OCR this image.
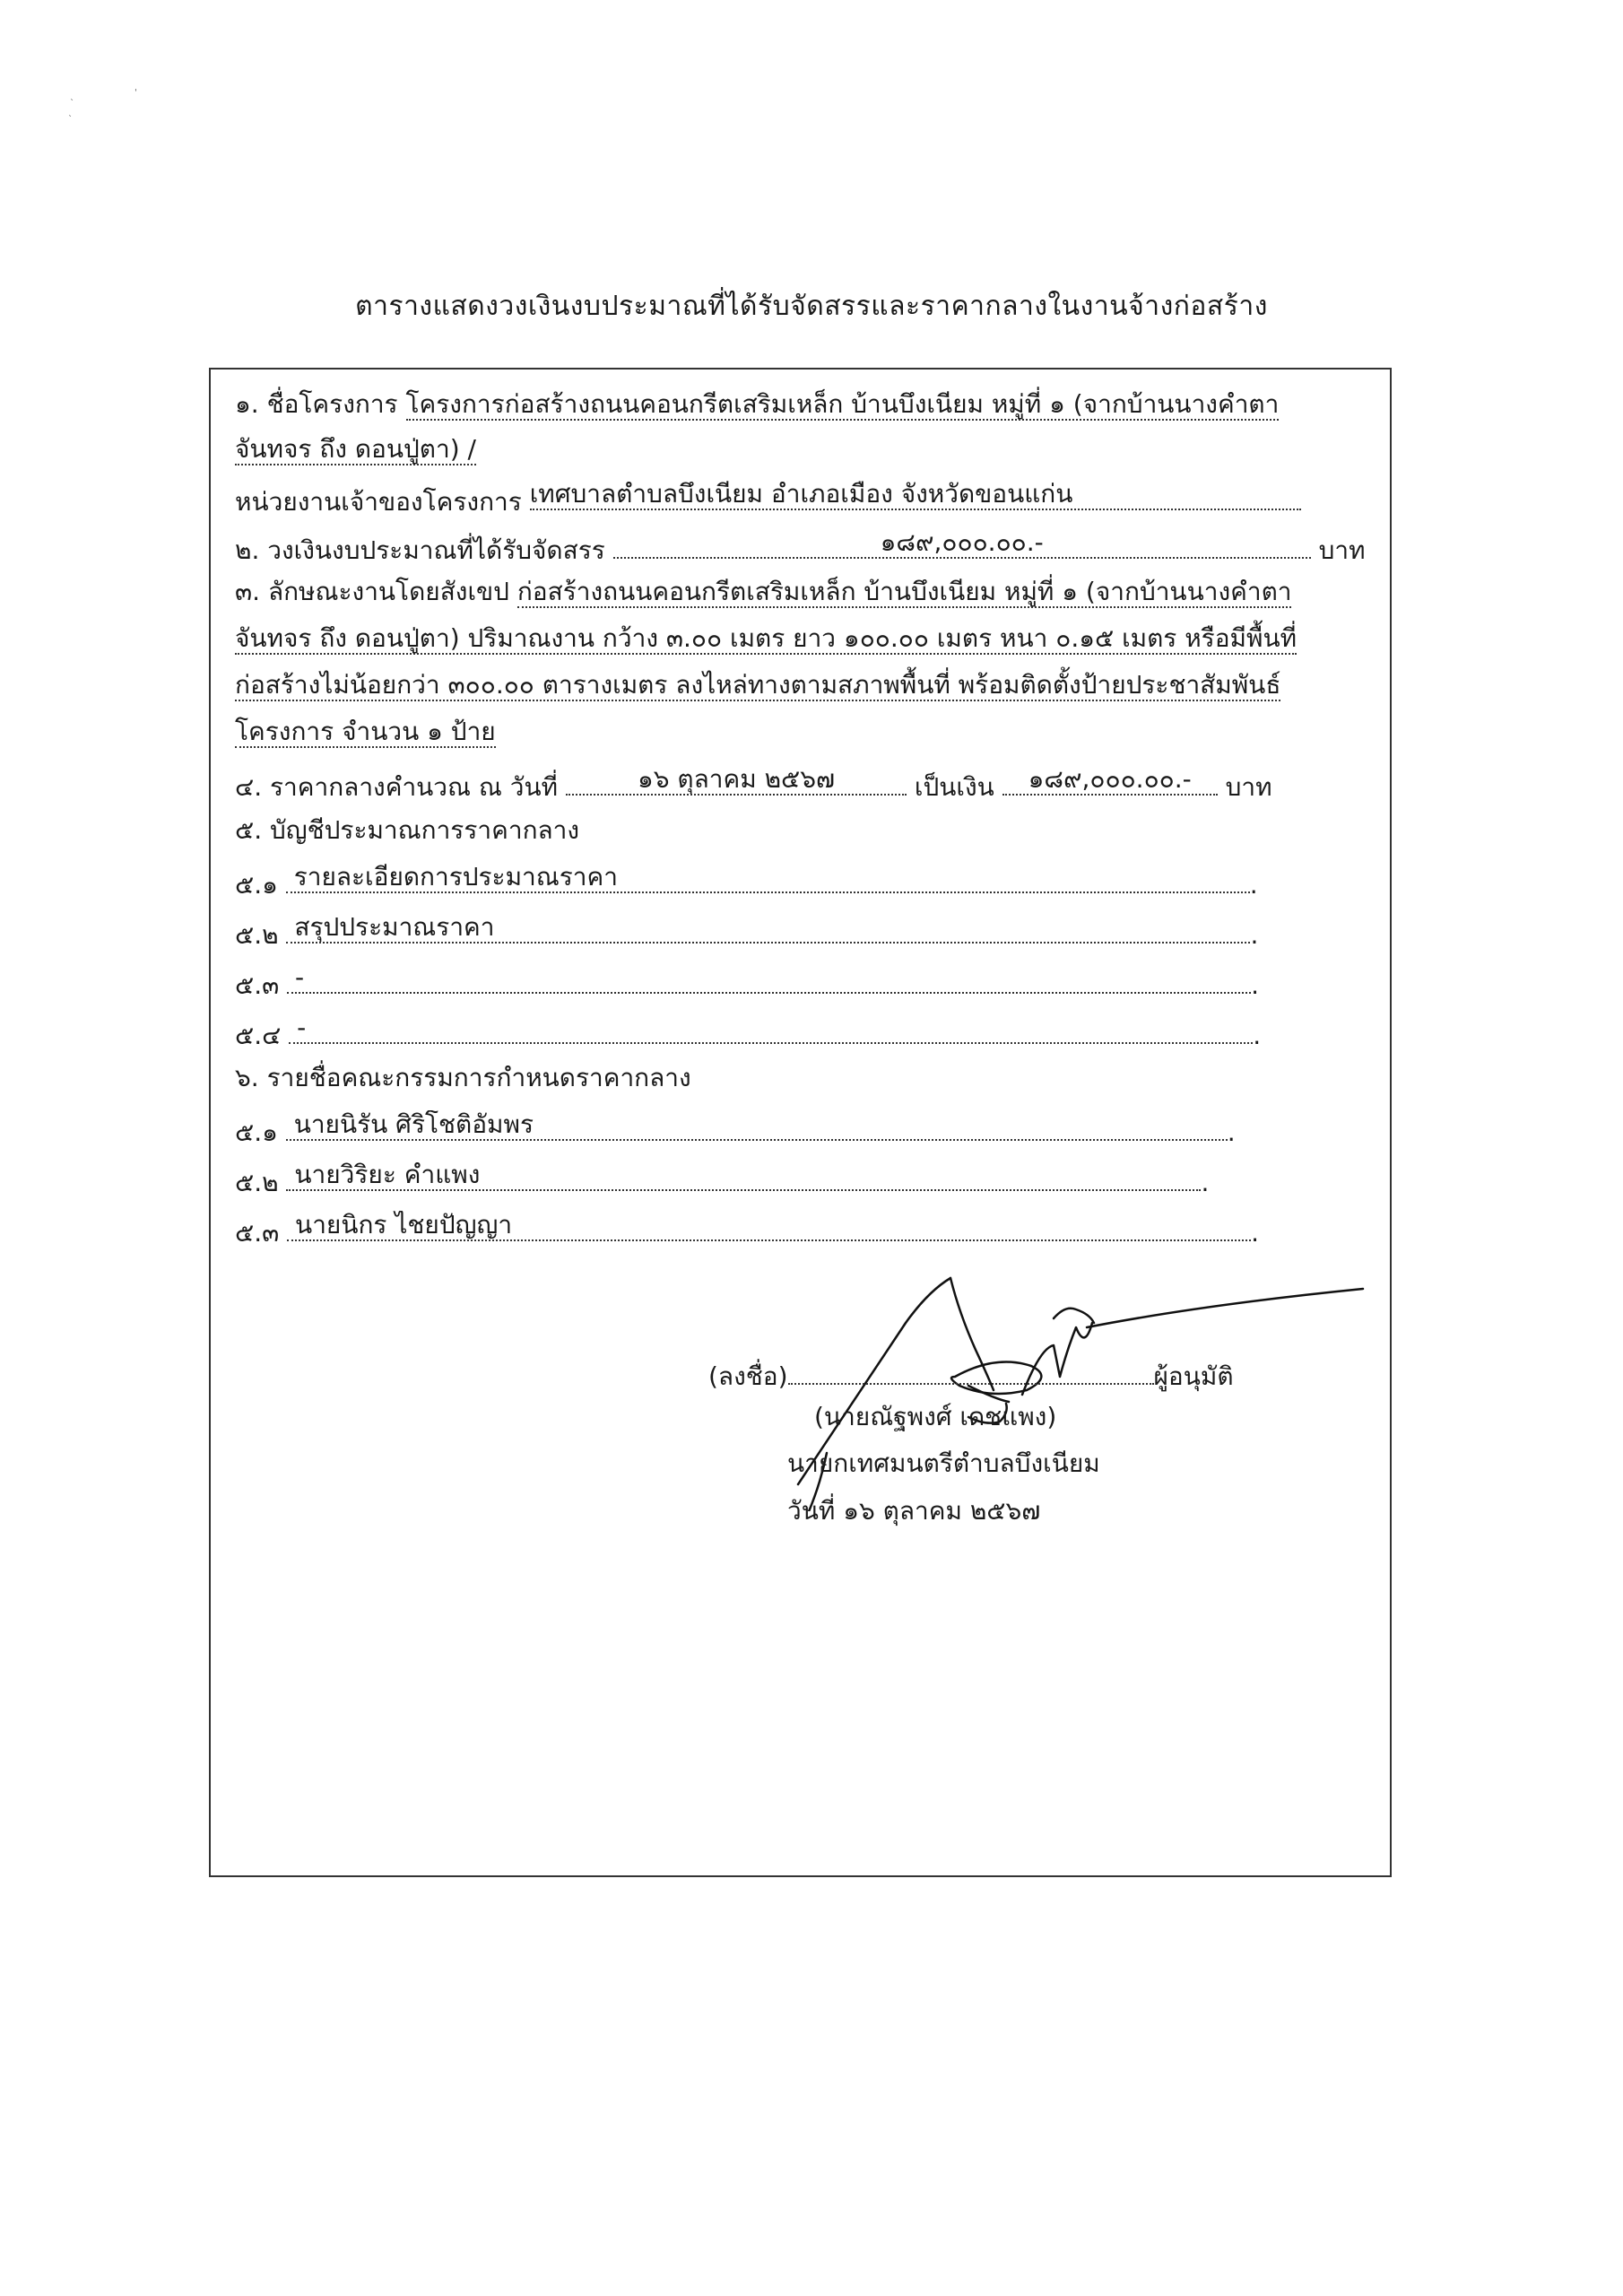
ˋ
'
ˋ
ตารางแสดงวงเงินงบประมาณที่ได้รับจัดสรรและราคากลางในงานจ้างก่อสร้าง
๑. ชื่อโครงการ โครงการก่อสร้างถนนคอนกรีตเสริมเหล็ก บ้านบึงเนียม หมู่ที่ ๑ (จากบ้านนางคำตา
จันทจร ถึง ดอนปู่ตา) /
หน่วยงานเจ้าของโครงการ เทศบาลตำบลบึงเนียม อำเภอเมือง จังหวัดขอนแก่น
๒. วงเงินงบประมาณที่ได้รับจัดสรร	๑๘๙,๐๐๐.๐๐.-	บาท
๓. ลักษณะงานโดยสังเขป ก่อสร้างถนนคอนกรีตเสริมเหล็ก บ้านบึงเนียม หมู่ที่ ๑ (จากบ้านนางคำตา
จันทจร ถึง ดอนปู่ตา) ปริมาณงาน กว้าง ๓.๐๐ เมตร ยาว ๑๐๐.๐๐ เมตร หนา ๐.๑๕ เมตร หรือมีพื้นที่
ก่อสร้างไม่น้อยกว่า ๓๐๐.๐๐ ตารางเมตร ลงไหล่ทางตามสภาพพื้นที่ พร้อมติดตั้งป้ายประชาสัมพันธ์
โครงการ จำนวน ๑ ป้าย
๔. ราคากลางคำนวณ ณ วันที่	๑๖ ตุลาคม ๒๕๖๗	เป็นเงิน ๑๘๙,๐๐๐.๐๐.- บาท
๕. บัญชีประมาณการราคากลาง
๕.๑ รายละเอียดการประมาณราคา	.
๕.๒ สรุปประมาณราคา	.
๕.๓ -	.
๕.๔ -	.
๖. รายชื่อคณะกรรมการกำหนดราคากลาง
๕.๑ นายนิรัน ศิริโชติอัมพร	.
๕.๒ นายวิริยะ คำแพง	.
๕.๓ นายนิกร ไชยปัญญา	.
(ลงชื่อ)	ผู้อนุมัติ
(นายณัฐพงศ์ เดชแพง)
นายกเทศมนตรีตำบลบึงเนียม
วันที่ ๑๖ ตุลาคม ๒๕๖๗
